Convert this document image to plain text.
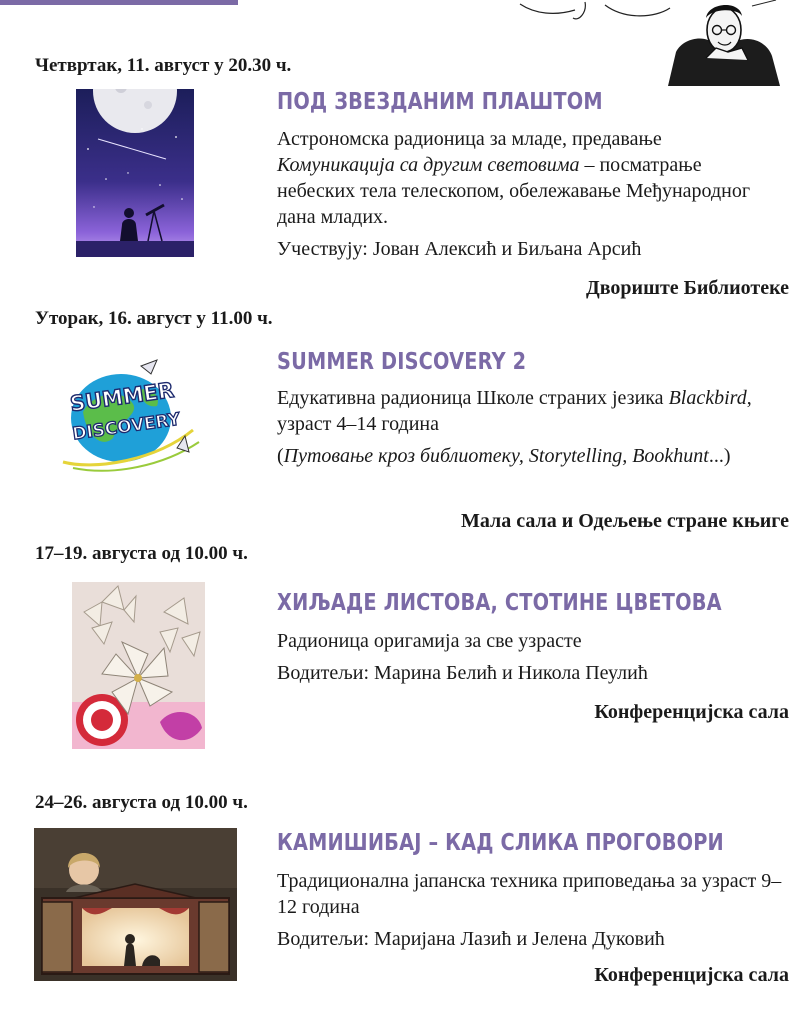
Четвртак, 11. август у 20.30 ч.
ПОД ЗВЕЗДАНИМ ПЛАШТОМ

Астрономска радионица за младе, предавање Комуникација са другим световима – посматрање небеских тела телескопом, обележавање Међународног дана младих.

Учествују: Јован Алексић и Биљана Арсић

Двориште Библиотеке
Уторак, 16. август у 11.00 ч.
SUMMER
DISCOVERY
SUMMER DISCOVERY 2

Едукативна радионица Школе страних језика Blackbird, узраст 4–14 година

(Путовање кроз библиотеку, Storytelling, Bookhunt...)

Мала сала и Одељење стране књиге
17–19. августа од 10.00 ч.
ХИЉАДЕ ЛИСТОВА, СТОТИНЕ ЦВЕТОВА

Радионица оригамија за све узрасте

Водитељи: Марина Белић и Никола Пеулић

Конференцијска сала
24–26. августа од 10.00 ч.
КАМИШИБАЈ – КАД СЛИКА ПРОГОВОРИ

Традиционална јапанска техника приповедања за узраст 9–12 година

Водитељи: Маријана Лазић и Јелена Дуковић

Конференцијска сала
